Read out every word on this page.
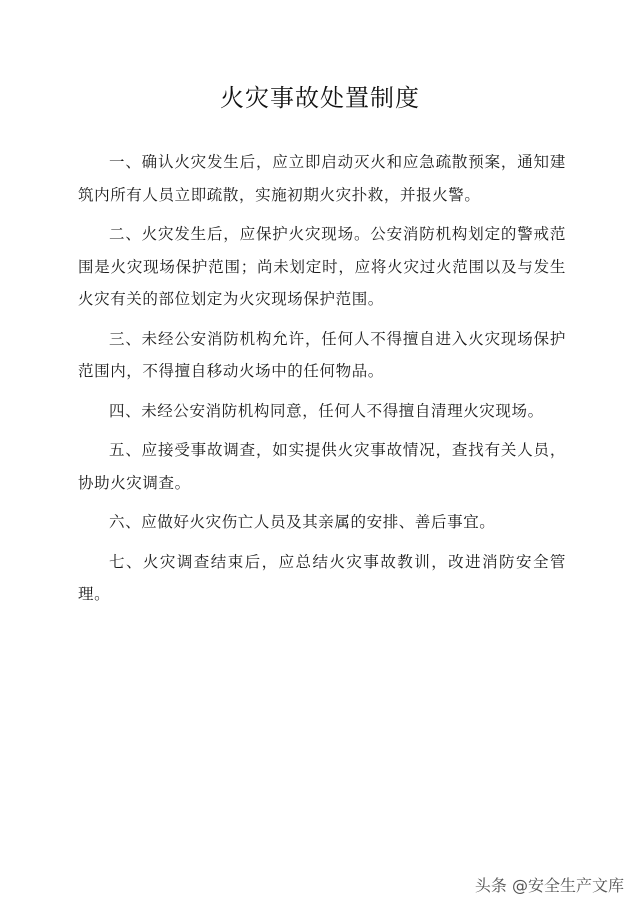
火灾事故处置制度

一、确认火灾发生后，应立即启动灭火和应急疏散预案，通知建筑内所有人员立即疏散，实施初期火灾扑救，并报火警。

二、火灾发生后，应保护火灾现场。公安消防机构划定的警戒范围是火灾现场保护范围；尚未划定时，应将火灾过火范围以及与发生火灾有关的部位划定为火灾现场保护范围。

三、未经公安消防机构允许，任何人不得擅自进入火灾现场保护范围内，不得擅自移动火场中的任何物品。

四、未经公安消防机构同意，任何人不得擅自清理火灾现场。

五、应接受事故调查，如实提供火灾事故情况，查找有关人员，协助火灾调查。

六、应做好火灾伤亡人员及其亲属的安排、善后事宜。

七、火灾调查结束后，应总结火灾事故教训，改进消防安全管理。

头条 @安全生产文库
